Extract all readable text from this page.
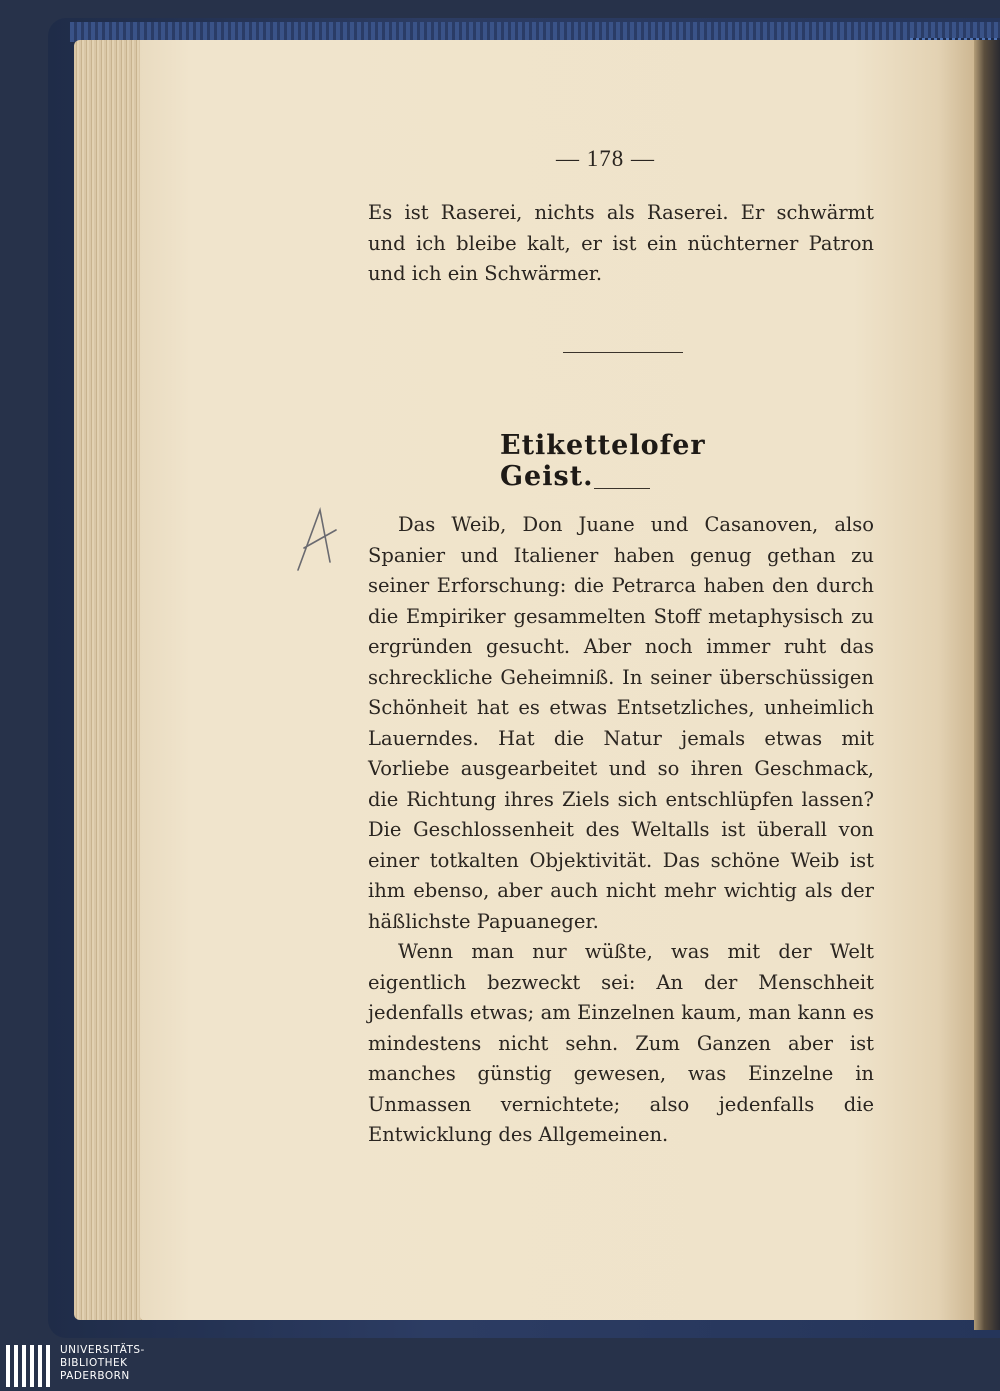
— 178 —

Es ist Raserei, nichts als Raserei. Er schwärmt und ich bleibe kalt, er ist ein nüchterner Patron und ich ein Schwärmer.

Etikettelofer Geist.

Das Weib, Don Juane und Casanoven, also Spanier und Italiener haben genug gethan zu seiner Erforschung: die Petrarca haben den durch die Empiriker gesammelten Stoff metaphysisch zu ergründen gesucht. Aber noch immer ruht das schreckliche Geheimniß. In seiner überschüssigen Schönheit hat es etwas Entsetzliches, unheimlich Lauerndes. Hat die Natur jemals etwas mit Vorliebe ausgearbeitet und so ihren Geschmack, die Richtung ihres Ziels sich entschlüpfen lassen? Die Geschlossenheit des Weltalls ist überall von einer totkalten Objektivität. Das schöne Weib ist ihm ebenso, aber auch nicht mehr wichtig als der häßlichste Papuaneger.

Wenn man nur wüßte, was mit der Welt eigentlich bezweckt sei: An der Menschheit jedenfalls etwas; am Einzelnen kaum, man kann es mindestens nicht sehn. Zum Ganzen aber ist manches günstig gewesen, was Einzelne in Unmassen vernichtete; also jedenfalls die Entwicklung des Allgemeinen.

UNIVERSITÄTS-
BIBLIOTHEK
PADERBORN
